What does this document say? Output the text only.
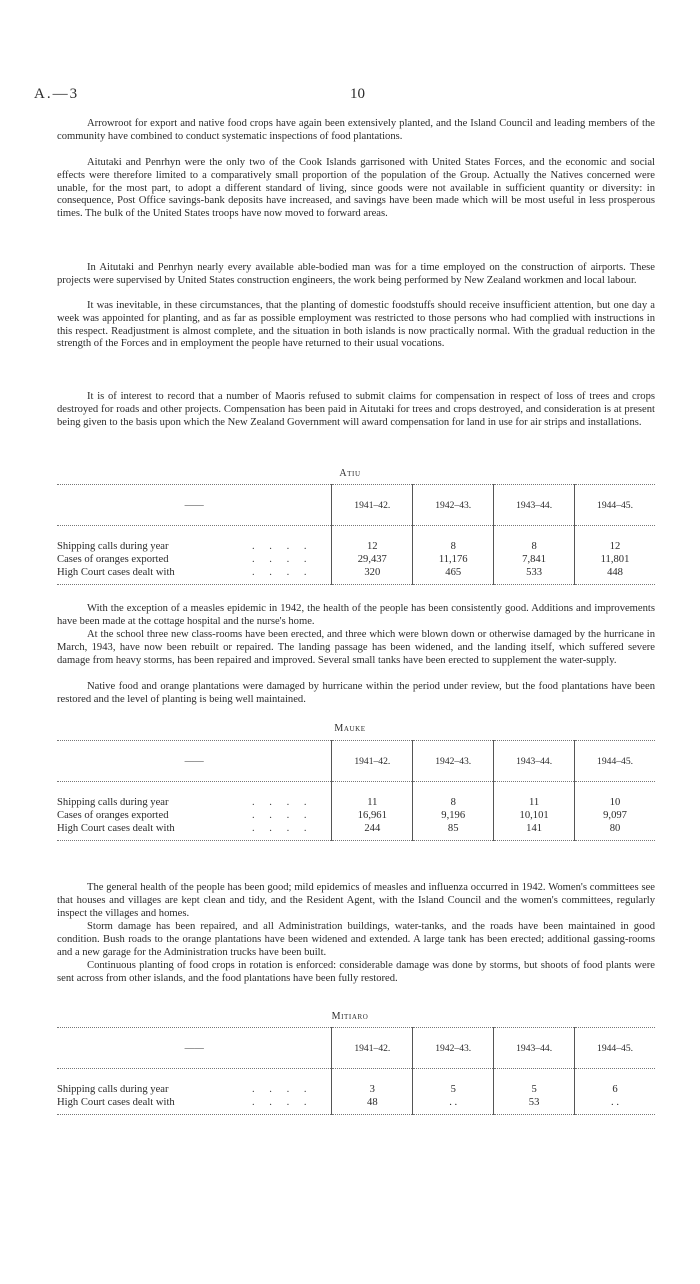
A.—3	10

Arrowroot for export and native food crops have again been extensively planted, and the Island Council and leading members of the community have combined to conduct systematic inspections of food plantations.

Aitutaki and Penrhyn were the only two of the Cook Islands garrisoned with United States Forces, and the economic and social effects were therefore limited to a comparatively small proportion of the population of the Group. Actually the Natives concerned were unable, for the most part, to adopt a different standard of living, since goods were not available in sufficient quantity or diversity: in consequence, Post Office savings-bank deposits have increased, and savings have been made which will be most useful in less prosperous times. The bulk of the United States troops have now moved to forward areas.

In Aitutaki and Penrhyn nearly every available able-bodied man was for a time employed on the construction of airports. These projects were supervised by United States construction engineers, the work being performed by New Zealand workmen and local labour.

It was inevitable, in these circumstances, that the planting of domestic foodstuffs should receive insufficient attention, but one day a week was appointed for planting, and as far as possible employment was restricted to those persons who had complied with instructions in this respect. Readjustment is almost complete, and the situation in both islands is now practically normal. With the gradual reduction in the strength of the Forces and in employment the people have returned to their usual vocations.

It is of interest to record that a number of Maoris refused to submit claims for compensation in respect of loss of trees and crops destroyed for roads and other projects. Compensation has been paid in Aitutaki for trees and crops destroyed, and consideration is at present being given to the basis upon which the New Zealand Government will award compensation for land in use for air strips and installations.

Atiu
——	1941–42.	1942–43.	1943–44.	1944–45.

Shipping calls during year . . . .	12	8	8	12
Cases of oranges exported . . . .	29,437	11,176	7,841	11,801
High Court cases dealt with . . . .	320	465	533	448

With the exception of a measles epidemic in 1942, the health of the people has been consistently good. Additions and improvements have been made at the cottage hospital and the nurse's home.

At the school three new class-rooms have been erected, and three which were blown down or otherwise damaged by the hurricane in March, 1943, have now been rebuilt or repaired. The landing passage has been widened, and the landing itself, which suffered severe damage from heavy storms, has been repaired and improved. Several small tanks have been erected to supplement the water-supply.

Native food and orange plantations were damaged by hurricane within the period under review, but the food plantations have been restored and the level of planting is being well maintained.

Mauke
——	1941–42.	1942–43.	1943–44.	1944–45.

Shipping calls during year . . . .	11	8	11	10
Cases of oranges exported . . . .	16,961	9,196	10,101	9,097
High Court cases dealt with . . . .	244	85	141	80

The general health of the people has been good; mild epidemics of measles and influenza occurred in 1942. Women's committees see that houses and villages are kept clean and tidy, and the Resident Agent, with the Island Council and the women's committees, regularly inspect the villages and homes.

Storm damage has been repaired, and all Administration buildings, water-tanks, and the roads have been maintained in good condition. Bush roads to the orange plantations have been widened and extended. A large tank has been erected; additional gassing-rooms and a new garage for the Administration trucks have been built.

Continuous planting of food crops in rotation is enforced: considerable damage was done by storms, but shoots of food plants were sent across from other islands, and the food plantations have been fully restored.

Mitiaro
——	1941–42.	1942–43.	1943–44.	1944–45.

Shipping calls during year . . . .	3	5	5	6
High Court cases dealt with . . . .	48	. .	53	. .
